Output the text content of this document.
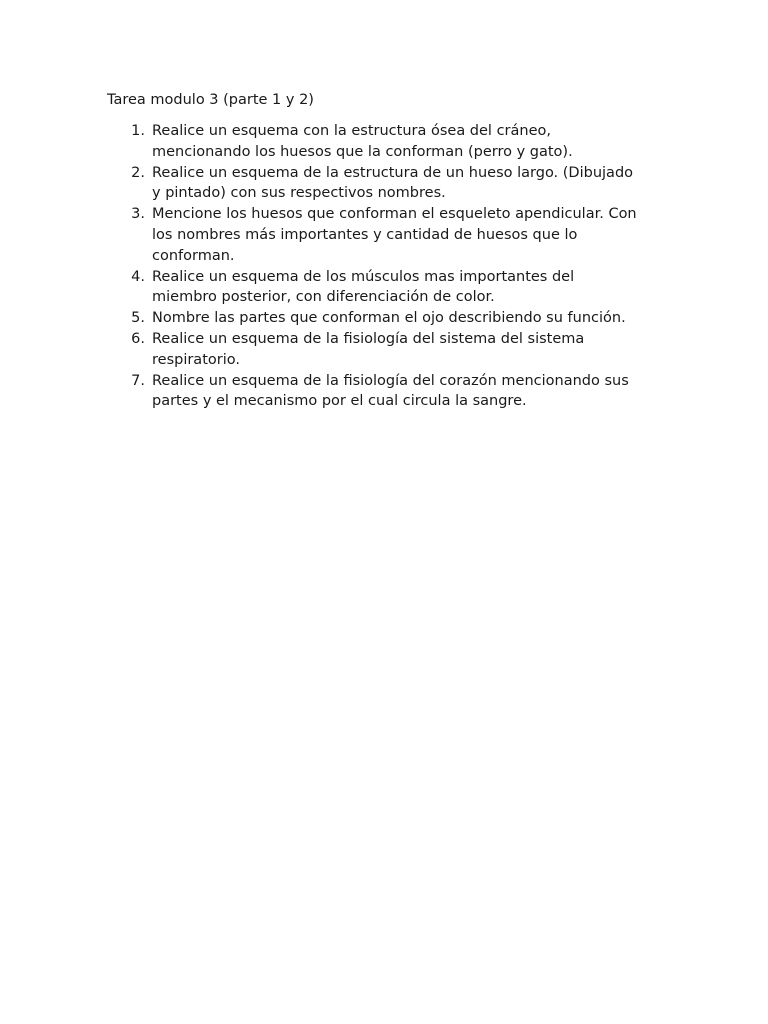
Tarea modulo 3 (parte 1 y 2)
1. Realice un esquema con la estructura ósea del cráneo,
mencionando los huesos que la conforman (perro y gato).
2. Realice un esquema de la estructura de un hueso largo. (Dibujado
y pintado) con sus respectivos nombres.
3. Mencione los huesos que conforman el esqueleto apendicular. Con
los nombres más importantes y cantidad de huesos que lo
conforman.
4. Realice un esquema de los músculos mas importantes del
miembro posterior, con diferenciación de color.
5. Nombre las partes que conforman el ojo describiendo su función.
6. Realice un esquema de la fisiología del sistema del sistema
respiratorio.
7. Realice un esquema de la fisiología del corazón mencionando sus
partes y el mecanismo por el cual circula la sangre.
